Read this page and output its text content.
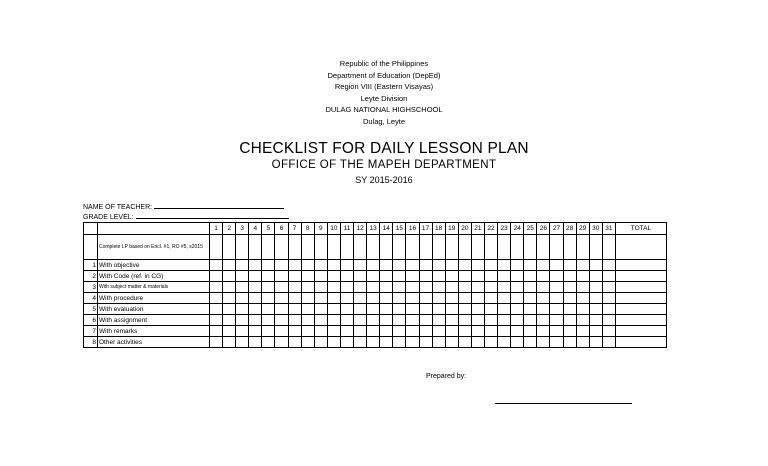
Republic of the Philippines
Department of Education (DepEd)
Region VIII (Eastern Visayas)
Leyte Division
DULAG NATIONAL HIGHSCHOOL
Dulag, Leyte
CHECKLIST FOR DAILY LESSON PLAN
OFFICE OF THE MAPEH DEPARTMENT
SY 2015-2016
NAME OF TEACHER:
GRADE LEVEL:
		1	2	3	4	5	6	7	8	9	10	11	12	13	14	15	16	17	18	19	20	21	22	23	24	25	26	27	28	29	30	31	TOTAL
	Complete LP based on Encl. #1, RO #5, s2015																																
1	With objective																																
2	With Code (ref. in CG)																																
3	With subject matter & materials																																
4	With procedure																																
5	With evaluation																																
6	With assignment																																
7	With remarks																																
8	Other activities																																
Prepared by:
